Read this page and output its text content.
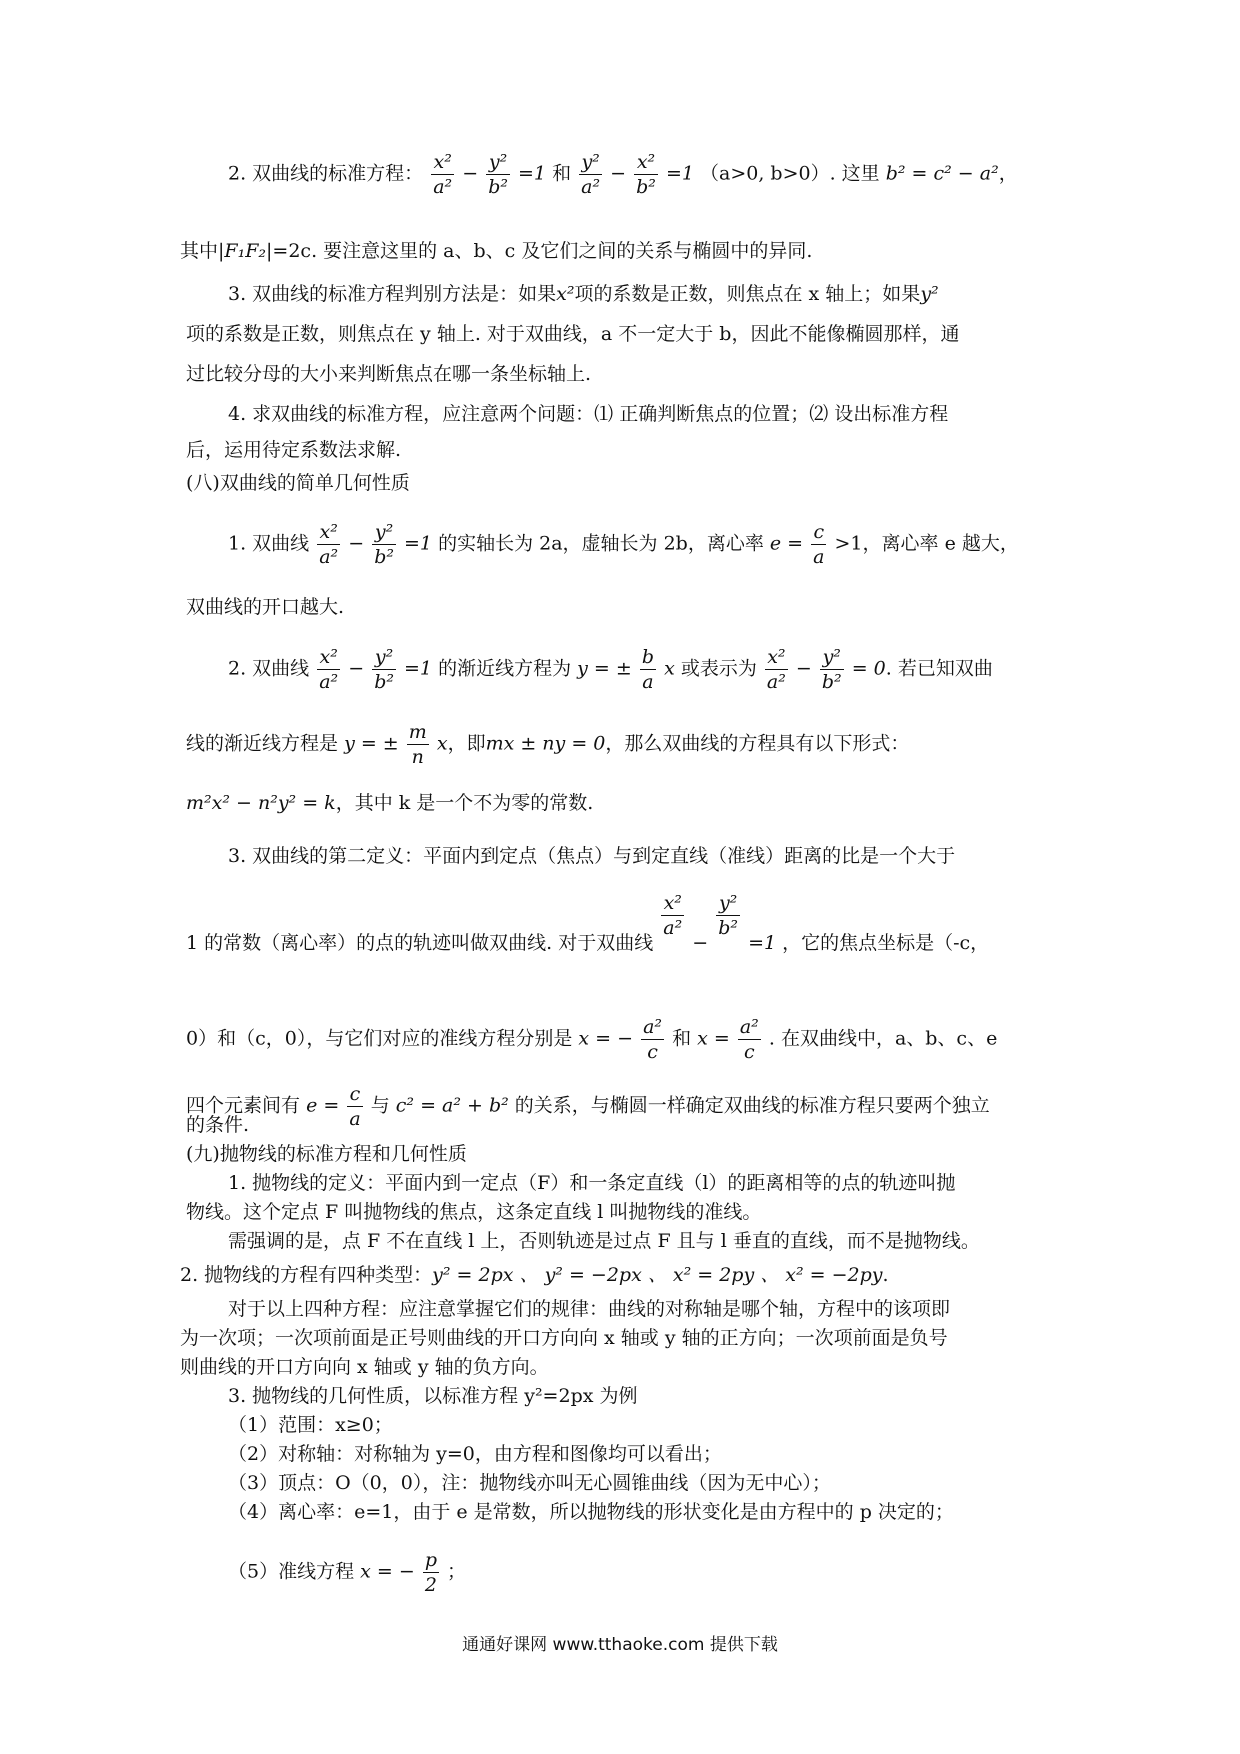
2. 双曲线的标准方程： $\frac{\text{x²}}{\text{a²}} - \frac{\text{y²}}{\text{b²}} =1$ 和 $\frac{\text{y²}}{\text{a²}} - \frac{\text{x²}}{\text{b²}} =1$ （a>0, b>0）. 这里 b² = c² − a²，
其中|F₁F₂|=2c. 要注意这里的 a、b、c 及它们之间的关系与椭圆中的异同.
3. 双曲线的标准方程判别方法是：如果x²项的系数是正数，则焦点在 x 轴上；如果y²
项的系数是正数，则焦点在 y 轴上. 对于双曲线，a 不一定大于 b，因此不能像椭圆那样，通
过比较分母的大小来判断焦点在哪一条坐标轴上.
4. 求双曲线的标准方程，应注意两个问题：⑴ 正确判断焦点的位置；⑵ 设出标准方程
后，运用待定系数法求解.
(八)双曲线的简单几何性质
1. 双曲线 $\frac{\text{x²}}{\text{a²}} - \frac{\text{y²}}{\text{b²}} =1$ 的实轴长为 2a，虚轴长为 2b，离心率 $e = \frac{c}{a} >1$，离心率 e 越大，
双曲线的开口越大.
2. 双曲线 $\frac{\text{x²}}{\text{a²}} - \frac{\text{y²}}{\text{b²}} =1$ 的渐近线方程为 y = ± $\frac{b}{a}$ x 或表示为 $\frac{\text{x²}}{\text{a²}} - \frac{\text{y²}}{\text{b²}} = 0$. 若已知双曲
线的渐近线方程是 y = ± $\frac{m}{n}$ x，即mx ± ny = 0，那么双曲线的方程具有以下形式：
m²x² − n²y² = k，其中 k 是一个不为零的常数.
3. 双曲线的第二定义：平面内到定点（焦点）与到定直线（准线）距离的比是一个大于
1 的常数（离心率）的点的轨迹叫做双曲线. 对于双曲线
$\frac{\text{x²}}{\text{a²}}$
−
$\frac{\text{y²}}{\text{b²}}$
=1 ，它的焦点坐标是（-c，
0）和（c，0），与它们对应的准线方程分别是 x = − $\frac{\text{a²}}{c}$ 和 $x = \frac{\text{a²}}{c}$ . 在双曲线中，a、b、c、e
四个元素间有 $e = \frac{c}{a}$ 与 c² = a² + b² 的关系，与椭圆一样确定双曲线的标准方程只要两个独立
的条件.
(九)抛物线的标准方程和几何性质
1. 抛物线的定义：平面内到一定点（F）和一条定直线（l）的距离相等的点的轨迹叫抛
物线。这个定点 F 叫抛物线的焦点，这条定直线 l 叫抛物线的准线。
需强调的是，点 F 不在直线 l 上，否则轨迹是过点 F 且与 l 垂直的直线，而不是抛物线。
2. 抛物线的方程有四种类型：y² = 2px 、 y² = −2px 、 x² = 2py 、 x² = −2py.
对于以上四种方程：应注意掌握它们的规律：曲线的对称轴是哪个轴，方程中的该项即
为一次项；一次项前面是正号则曲线的开口方向向 x 轴或 y 轴的正方向；一次项前面是负号
则曲线的开口方向向 x 轴或 y 轴的负方向。
3. 抛物线的几何性质，以标准方程 y²=2px 为例
（1）范围：x≥0；
（2）对称轴：对称轴为 y=0，由方程和图像均可以看出；
（3）顶点：O（0，0），注：抛物线亦叫无心圆锥曲线（因为无中心）；
（4）离心率：e=1，由于 e 是常数，所以抛物线的形状变化是由方程中的 p 决定的；
（5）准线方程 x = − $\frac{p}{2}$ ；
通通好课网 www.tthaoke.com 提供下载
